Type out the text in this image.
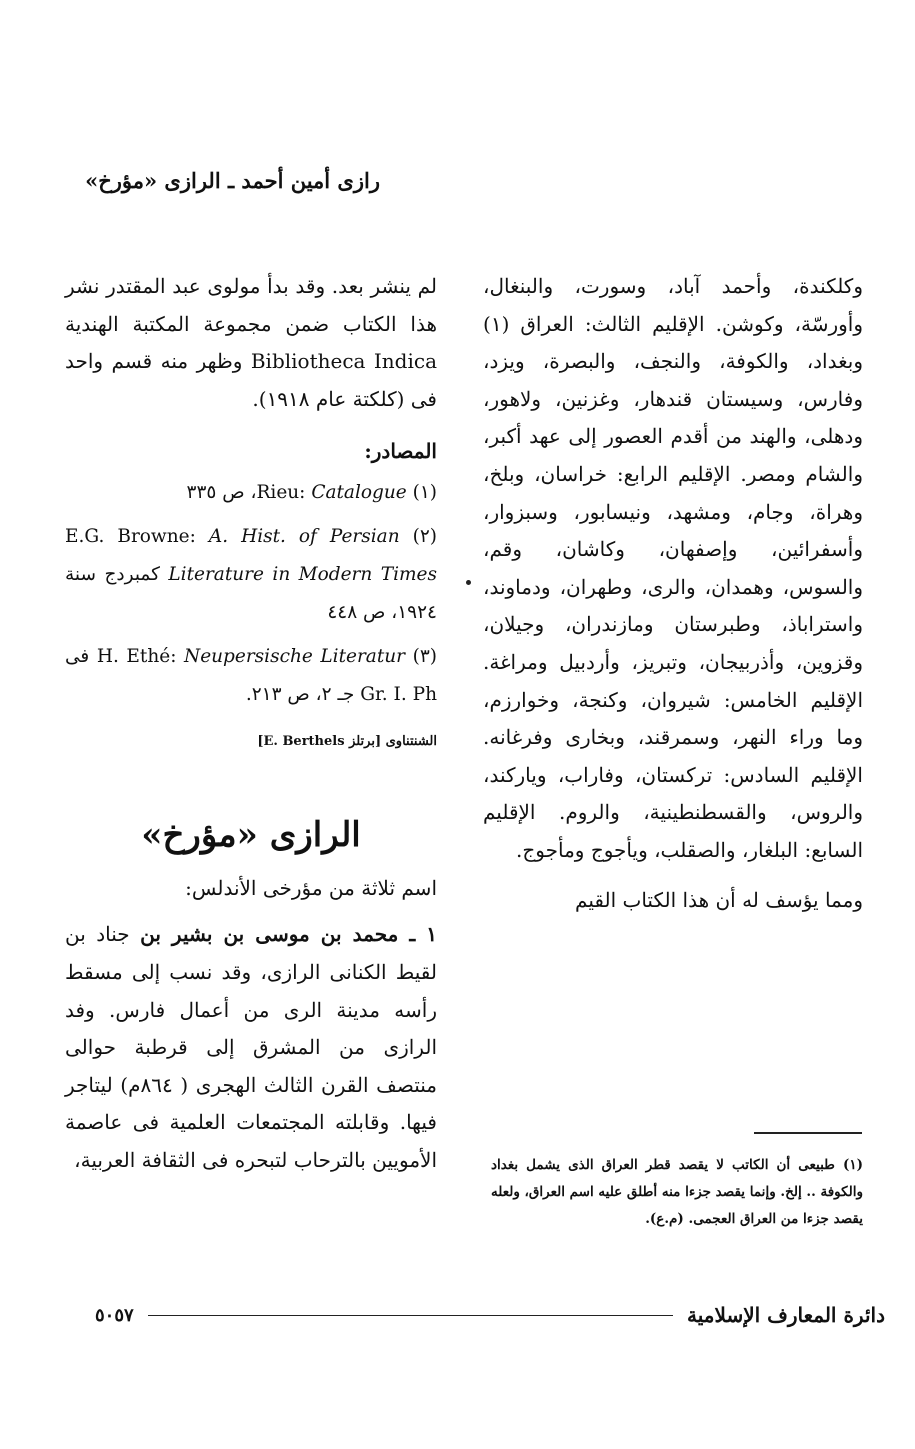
رازى أمين أحمد ـ الرازى «مؤرخ»

وكلكندة، وأحمد آباد، وسورت، والبنغال، وأورسّة، وكوشن. الإقليم الثالث: العراق (١) وبغداد، والكوفة، والنجف، والبصرة، ويزد، وفارس، وسيستان قندهار، وغزنين، ولاهور، ودهلى، والهند من أقدم العصور إلى عهد أكبر، والشام ومصر. الإقليم الرابع: خراسان، وبلخ، وهراة، وجام، ومشهد، ونيسابور، وسبزوار، وأسفرائين، وإصفهان، وكاشان، وقم، والسوس، وهمدان، والرى، وطهران، ودماوند، واستراباذ، وطبرستان ومازندران، وجيلان، وقزوين، وأذربيجان، وتبريز، وأردبيل ومراغة. الإقليم الخامس: شيروان، وكنجة، وخوارزم، وما وراء النهر، وسمرقند، وبخارى وفرغانه. الإقليم السادس: تركستان، وفاراب، وياركند، والروس، والقسطنطينية، والروم. الإقليم السابع: البلغار، والصقلب، ويأجوج ومأجوج.

ومما يؤسف له أن هذا الكتاب القيم

لم ينشر بعد. وقد بدأ مولوى عبد المقتدر نشر هذا الكتاب ضمن مجموعة المكتبة الهندية Bibliotheca Indica وظهر منه قسم واحد فى (كلكتة عام ١٩١٨).

المصادر:

(١) Rieu: Catalogue، ص ٣٣٥

(٢) E.G. Browne: A. Hist. of Persian Literature in Modern Times كمبردج سنة ١٩٢٤، ص ٤٤٨

(٣) H. Ethé: Neupersische Literatur فى Gr. I. Ph جـ ٢، ص ٢١٣.

الشنتناوى [برتلز E. Berthels]

الرازى «مؤرخ»

اسم ثلاثة من مؤرخى الأندلس:

١ ـ محمد بن موسى بن بشير بن جناد بن لقيط الكنانى الرازى، وقد نسب إلى مسقط رأسه مدينة الرى من أعمال فارس. وفد الرازى من المشرق إلى قرطبة حوالى منتصف القرن الثالث الهجرى ( ٨٦٤م) ليتاجر فيها. وقابلته المجتمعات العلمية فى عاصمة الأمويين بالترحاب لتبحره فى الثقافة العربية،	(١) طبيعى أن الكاتب لا يقصد قطر العراق الذى يشمل بغداد والكوفة .. إلخ. وإنما يقصد جزءا منه أطلق عليه اسم العراق، ولعله يقصد جزءا من العراق العجمى. (م.ع).
دائرة المعارف الإسلامية
٥٠٥٧
